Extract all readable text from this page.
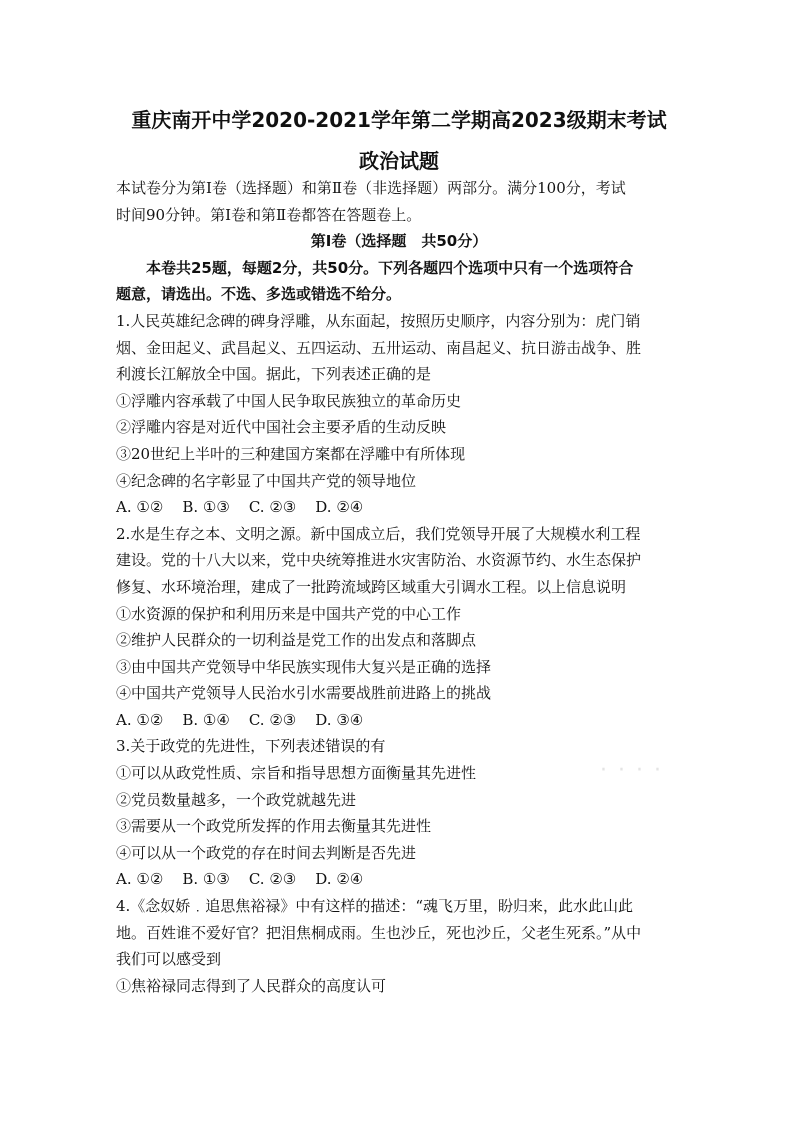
重庆南开中学2020-2021学年第二学期高2023级期末考试
政治试题

本试卷分为第Ⅰ卷（选择题）和第Ⅱ卷（非选择题）两部分。满分100分，考试

时间90分钟。第Ⅰ卷和第Ⅱ卷都答在答题卷上。

第Ⅰ卷（选择题　共50分）

本卷共25题，每题2分，共50分。下列各题四个选项中只有一个选项符合

题意，请选出。不选、多选或错选不给分。

1.人民英雄纪念碑的碑身浮雕，从东面起，按照历史顺序，内容分别为：虎门销

烟、金田起义、武昌起义、五四运动、五卅运动、南昌起义、抗日游击战争、胜

利渡长江解放全中国。据此，下列表述正确的是

①浮雕内容承载了中国人民争取民族独立的革命历史

②浮雕内容是对近代中国社会主要矛盾的生动反映

③20世纪上半叶的三种建国方案都在浮雕中有所体现

④纪念碑的名字彰显了中国共产党的领导地位

A. ①②    B. ①③    C. ②③    D. ②④

2.水是生存之本、文明之源。新中国成立后，我们党领导开展了大规模水利工程

建设。党的十八大以来，党中央统筹推进水灾害防治、水资源节约、水生态保护

修复、水环境治理，建成了一批跨流域跨区域重大引调水工程。以上信息说明

①水资源的保护和利用历来是中国共产党的中心工作

②维护人民群众的一切利益是党工作的出发点和落脚点

③由中国共产党领导中华民族实现伟大复兴是正确的选择

④中国共产党领导人民治水引水需要战胜前进路上的挑战

A. ①②    B. ①④    C. ②③    D. ③④

3.关于政党的先进性，下列表述错误的有

①可以从政党性质、宗旨和指导思想方面衡量其先进性

②党员数量越多，一个政党就越先进

③需要从一个政党所发挥的作用去衡量其先进性

④可以从一个政党的存在时间去判断是否先进

A. ①②    B. ①③    C. ②③    D. ②④

4.《念奴娇﹒追思焦裕禄》中有这样的描述：“魂飞万里，盼归来，此水此山此

地。百姓谁不爱好官？把泪焦桐成雨。生也沙丘，死也沙丘，父老生死系。”从中

我们可以感受到

①焦裕禄同志得到了人民群众的高度认可

· · · ·
